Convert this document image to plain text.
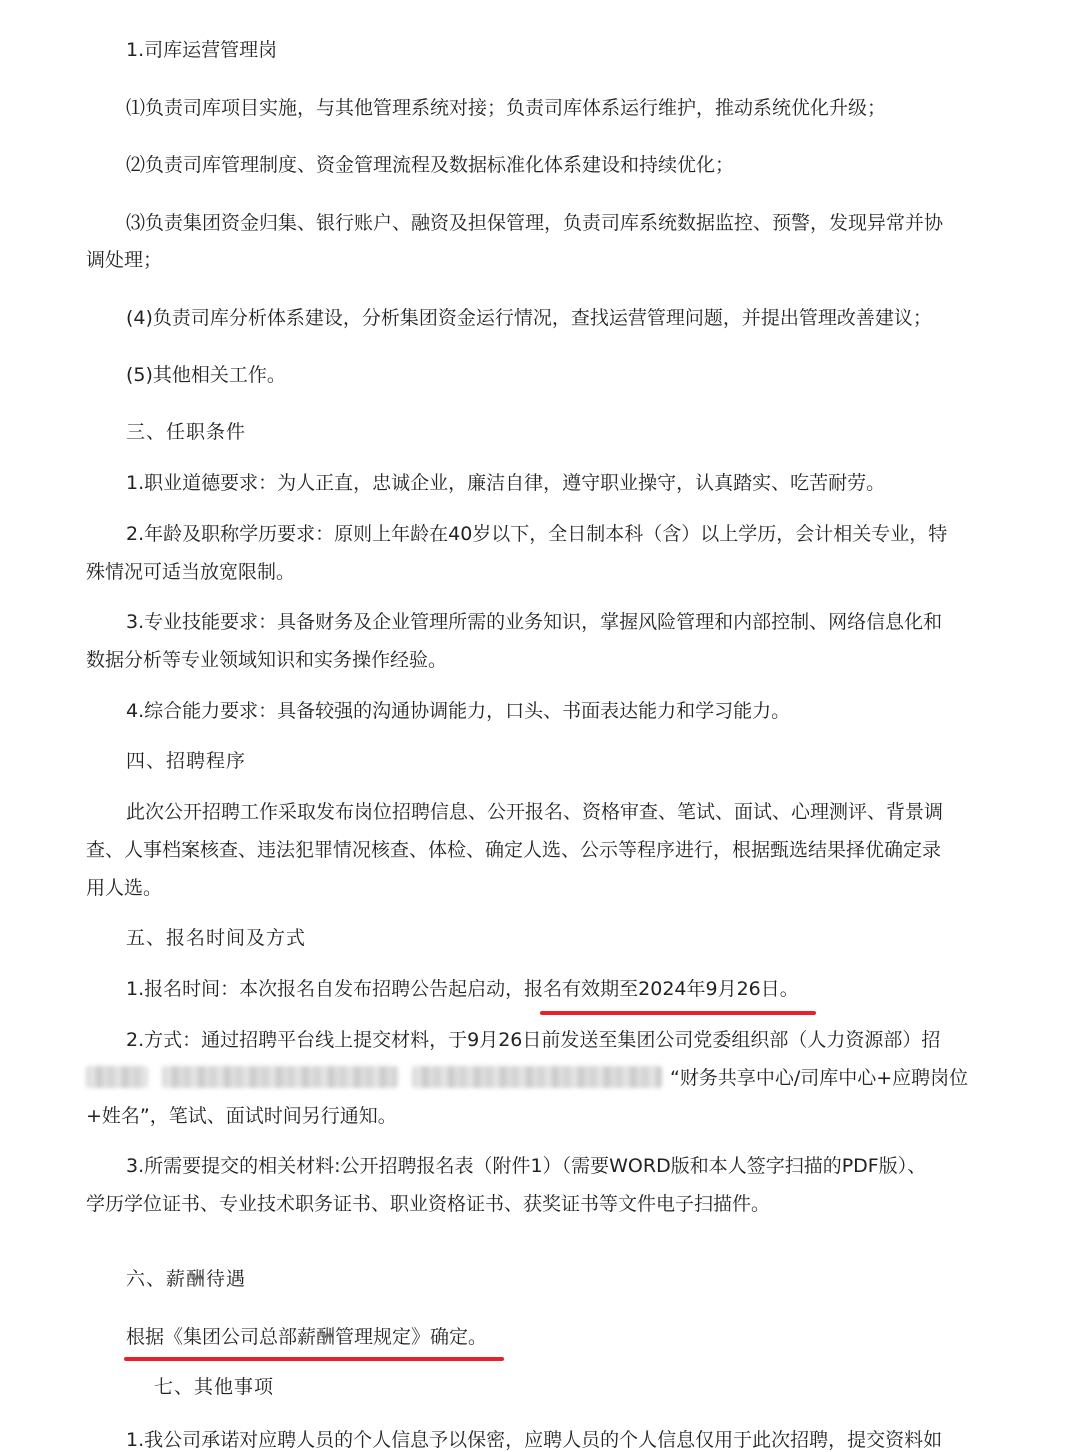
1.司库运营管理岗
⑴负责司库项目实施，与其他管理系统对接；负责司库体系运行维护，推动系统优化升级；
⑵负责司库管理制度、资金管理流程及数据标准化体系建设和持续优化；
⑶负责集团资金归集、银行账户、融资及担保管理，负责司库系统数据监控、预警，发现异常并协
调处理；
(4)负责司库分析体系建设，分析集团资金运行情况，查找运营管理问题，并提出管理改善建议；
(5)其他相关工作。
三、任职条件
1.职业道德要求：为人正直，忠诚企业，廉洁自律，遵守职业操守，认真踏实、吃苦耐劳。
2.年龄及职称学历要求：原则上年龄在40岁以下，全日制本科（含）以上学历，会计相关专业，特
殊情况可适当放宽限制。
3.专业技能要求：具备财务及企业管理所需的业务知识，掌握风险管理和内部控制、网络信息化和
数据分析等专业领域知识和实务操作经验。
4.综合能力要求：具备较强的沟通协调能力，口头、书面表达能力和学习能力。
四、招聘程序
此次公开招聘工作采取发布岗位招聘信息、公开报名、资格审查、笔试、面试、心理测评、背景调
查、人事档案核查、违法犯罪情况核查、体检、确定人选、公示等程序进行，根据甄选结果择优确定录
用人选。
五、报名时间及方式
1.报名时间：本次报名自发布招聘公告起启动，报名有效期至2024年9月26日。
2.方式：通过招聘平台线上提交材料，于9月26日前发送至集团公司党委组织部（人力资源部）招
“财务共享中心/司库中心+应聘岗位
+姓名”，笔试、面试时间另行通知。
3.所需要提交的相关材料:公开招聘报名表（附件1）（需要WORD版和本人签字扫描的PDF版）、
学历学位证书、专业技术职务证书、职业资格证书、获奖证书等文件电子扫描件。
六、薪酬待遇
根据《集团公司总部薪酬管理规定》确定。
七、其他事项
1.我公司承诺对应聘人员的个人信息予以保密，应聘人员的个人信息仅用于此次招聘，提交资料如
